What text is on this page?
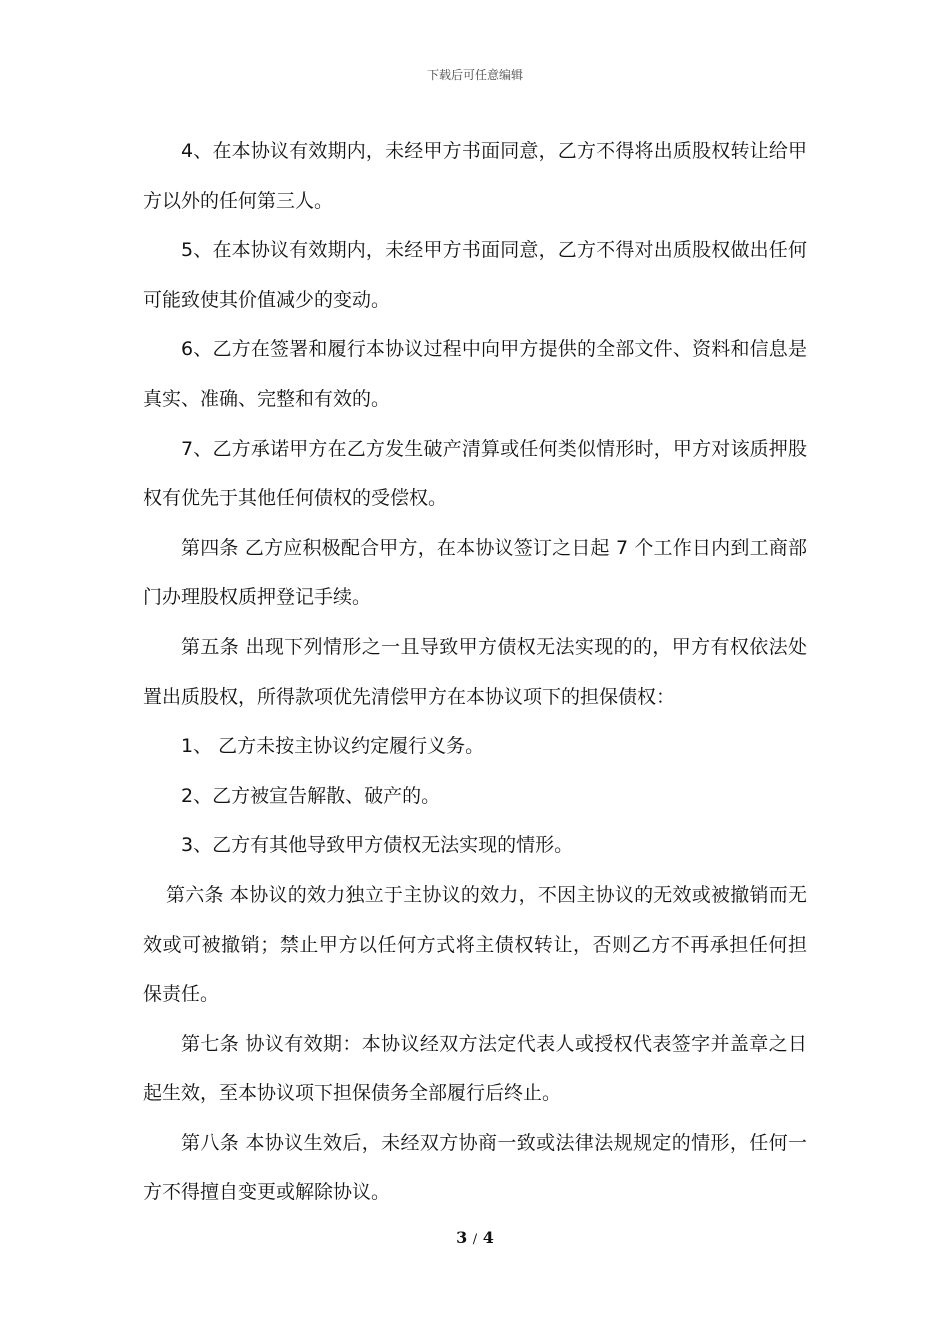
下载后可任意编辑

4、在本协议有效期内，未经甲方书面同意，乙方不得将出质股权转让给甲方以外的任何第三人。

5、在本协议有效期内，未经甲方书面同意，乙方不得对出质股权做出任何可能致使其价值减少的变动。

6、乙方在签署和履行本协议过程中向甲方提供的全部文件、资料和信息是真实、准确、完整和有效的。

7、乙方承诺甲方在乙方发生破产清算或任何类似情形时，甲方对该质押股权有优先于其他任何债权的受偿权。

第四条 乙方应积极配合甲方，在本协议签订之日起 7 个工作日内到工商部门办理股权质押登记手续。

第五条 出现下列情形之一且导致甲方债权无法实现的的，甲方有权依法处置出质股权，所得款项优先清偿甲方在本协议项下的担保债权：

1、 乙方未按主协议约定履行义务。

2、乙方被宣告解散、破产的。

3、乙方有其他导致甲方债权无法实现的情形。

第六条 本协议的效力独立于主协议的效力，不因主协议的无效或被撤销而无效或可被撤销；禁止甲方以任何方式将主债权转让，否则乙方不再承担任何担保责任。

第七条 协议有效期：本协议经双方法定代表人或授权代表签字并盖章之日起生效，至本协议项下担保债务全部履行后终止。

第八条 本协议生效后，未经双方协商一致或法律法规规定的情形，任何一方不得擅自变更或解除协议。

3 / 4
